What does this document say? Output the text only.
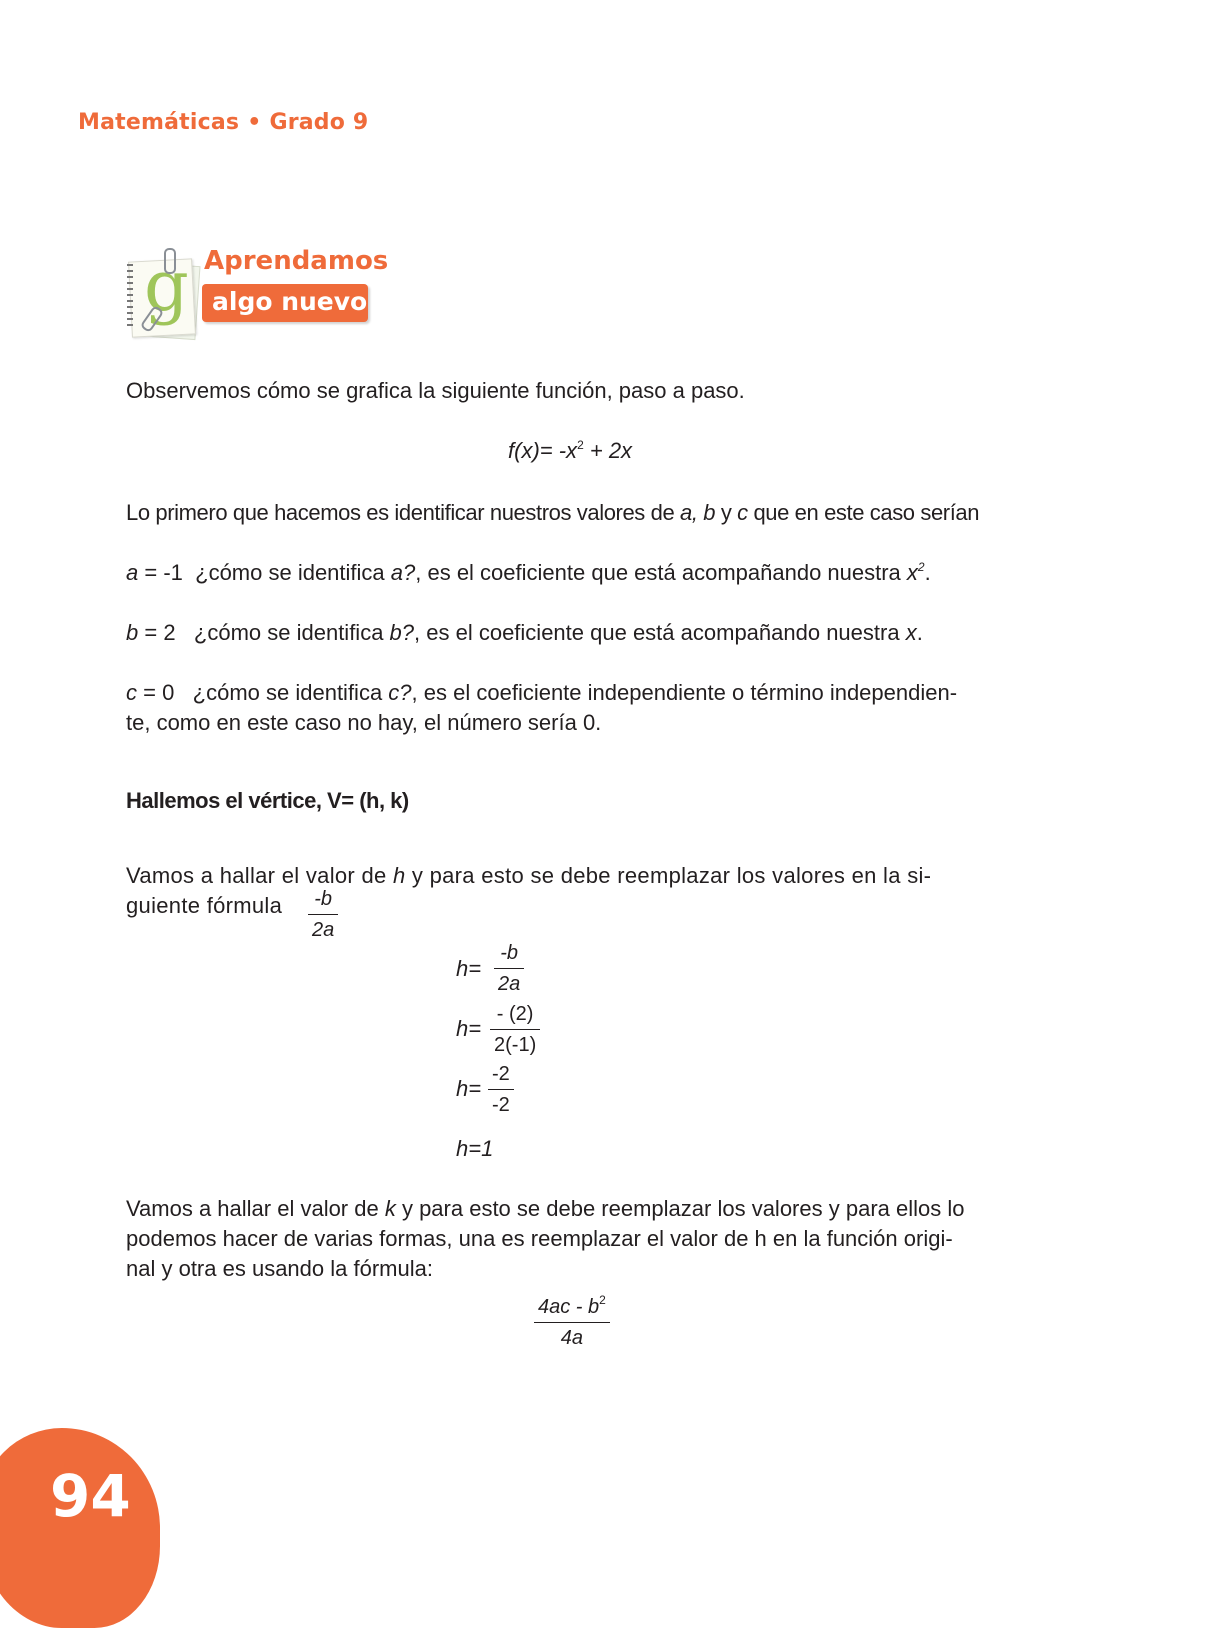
Matemáticas • Grado 9
g Aprendamos
algo nuevo
Observemos cómo se grafica la siguiente función, paso a paso.
$f(x)= -x^2 + 2x$
Lo primero que hacemos es identificar nuestros valores de a, b y c que en este caso serían
a = -1 ¿cómo se identifica a?, es el coeficiente que está acompañando nuestra $x^2$.
b = 2 ¿cómo se identifica b?, es el coeficiente que está acompañando nuestra x.
c = 0 ¿cómo se identifica c?, es el coeficiente independiente o término independien-
te, como en este caso no hay, el número sería 0.
Hallemos el vértice, V= (h, k)
Vamos a hallar el valor de h y para esto se debe reemplazar los valores en la si-
guiente fórmula	-b
2a
h=
-b
2a
h=
- (2)
2(-1)
h=
-2
-2
h=1
Vamos a hallar el valor de k y para esto se debe reemplazar los valores y para ellos lo
podemos hacer de varias formas, una es reemplazar el valor de h en la función origi-
nal y otra es usando la fórmula:
$4ac - b^2$
4a
94
